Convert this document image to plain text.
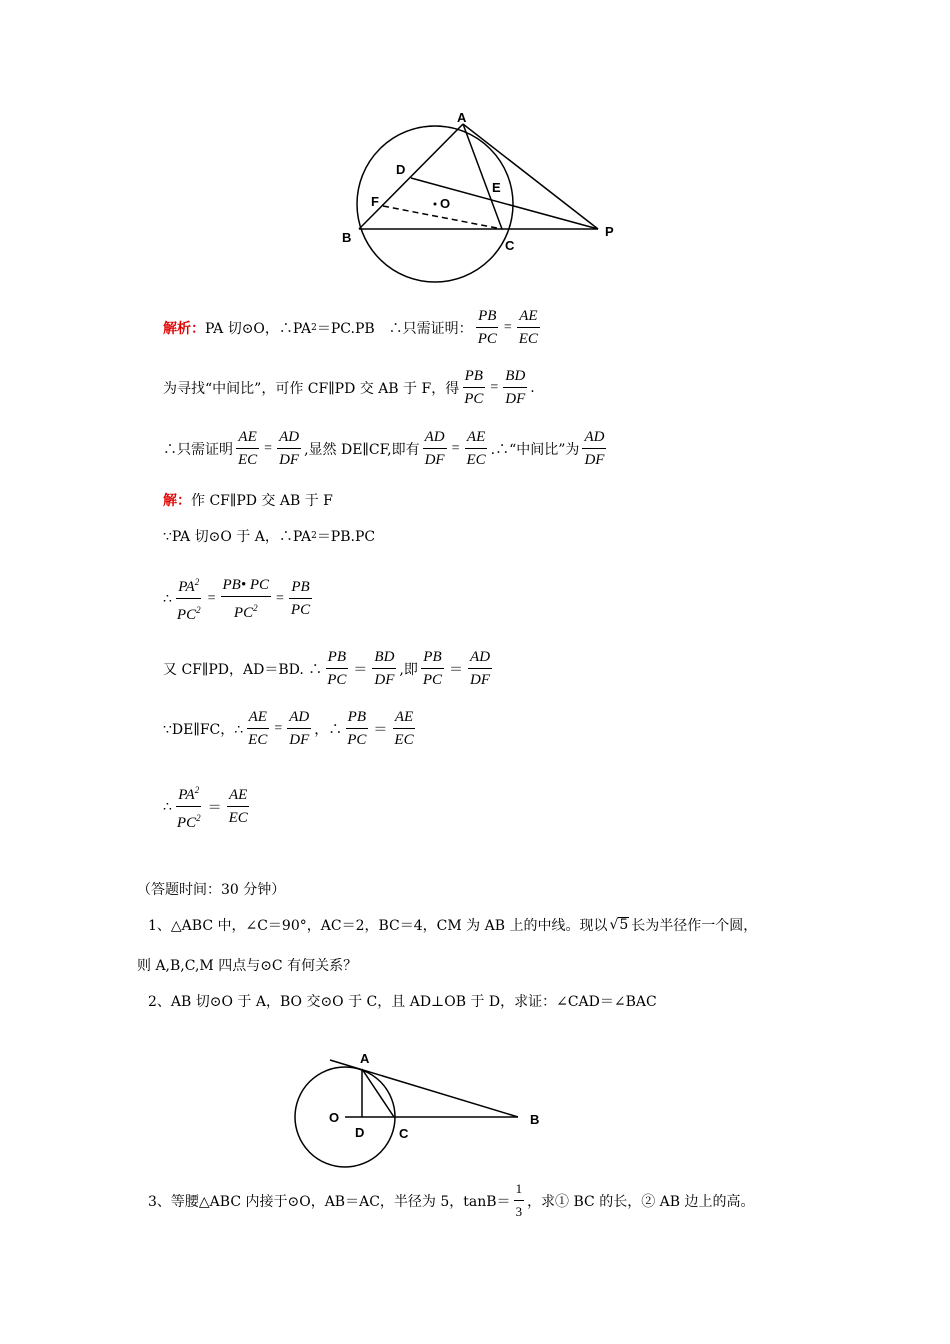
A
D
E
F	O
B
C
P
解析： PA 切⊙O，∴PA 2 ＝PC.PB　∴只需证明： $\frac{PB}{PC} = \frac{AE}{EC}$
为寻找“中间比”，可作 CF∥PD 交 AB 于 F，得 $\frac{PB}{PC} = \frac{BD}{DF}$ .
∴只需证明 $\frac{AE}{EC} = \frac{AD}{DF}$ ,显然 DE∥CF,即有 $\frac{AD}{DF} = \frac{AE}{EC}$ .∴“中间比”为 $\frac{AD}{DF}$
解： 作 CF∥PD 交 AB 于 F
∵PA 切⊙O 于 A，∴PA 2 ＝PB.PC
∴ $\frac{PA^2}{PC^2} = \frac{PB• PC}{PC^2} = \frac{PB}{PC}$
又 CF∥PD，AD＝BD. ∴ $\frac{PB}{PC} = \frac{BD}{DF}$ ,即 $\frac{PB}{PC} = \frac{AD}{DF}$
∵DE∥FC，∴ $\frac{AE}{EC} = \frac{AD}{DF}$ ，∴ $\frac{PB}{PC} = \frac{AE}{EC}$
∴ $\frac{PA^2}{PC^2} = \frac{AE}{EC}$
（答题时间：30 分钟）
1、△ABC 中，∠C＝90°，AC＝2，BC＝4，CM 为 AB 上的中线。现以 √5 长为半径作一个圆，
则 A,B,C,M 四点与⊙C 有何关系？
2、AB 切⊙O 于 A，BO 交⊙O 于 C，且 AD⊥OB 于 D，求证：∠CAD＝∠BAC
A
O
D	C
B
3、等腰△ABC 内接于⊙O，AB＝AC，半径为 5，$\tan B= \frac{1}{3}$ ，求① BC 的长，② AB 边上的高。
